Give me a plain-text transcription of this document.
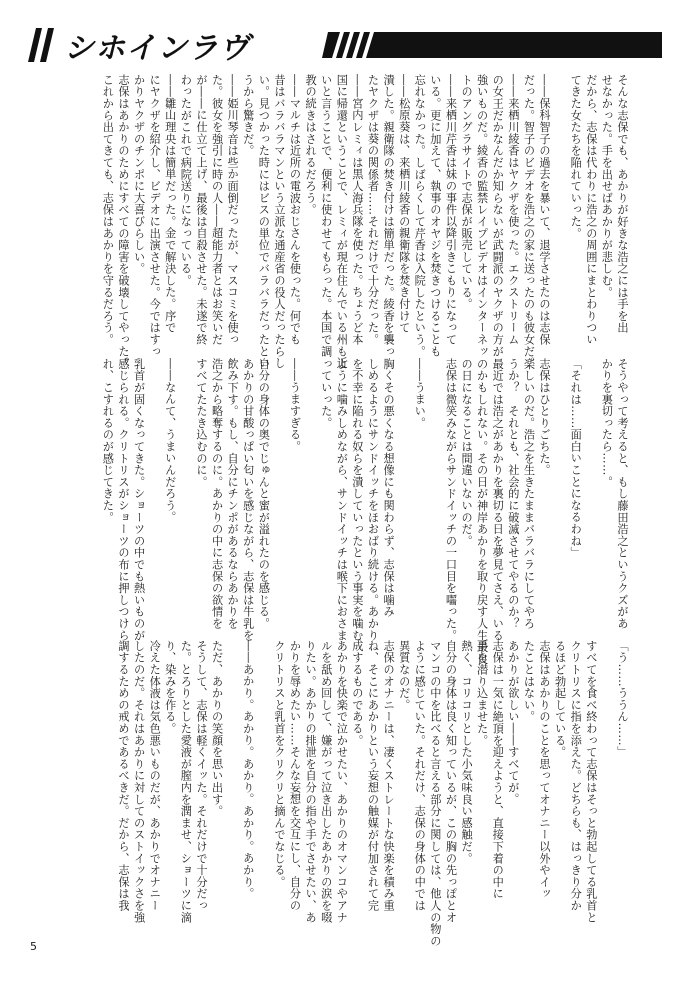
シホインラヴ
そんな志保でも、あかりが好きな浩之には手を出
せなかった。手を出せばあかりが悲しむ。
だから、志保は代わりに浩之の周囲にまとわりつい
てきた女たちを陥れていった。

――保科智子の過去を暴いて、退学させたのは志保
だった。智子のビデオを浩之の家に送ったのも彼女だ。
――来栖川綾香はヤクザを使った。エクストリーム
の女王だかなんだか知らないが武闘派のヤクザの方が
強いものだ。綾香の監禁レイプビデオはインターネッ
トのアングラサイトで志保が販売している。
――来栖川芹香は妹の事件以降引きこもりになって
いる。更に加えて、執事のオヤジを焚きつけることも
忘れなかった。しばらくして芹香は入院したという。
――松原葵は、来栖川綾香の親衛隊を焚き付けて
潰した。親衛隊の焚き付けは簡単だった。綾香を襲っ
たヤクザは葵の関係者……それだけで十分だった。
――宮内レミィは黒人海兵隊を使った。ちょうど本
国に帰還ということで、レミィが現在住んでいる州も近
いと言うことで、便利に使わせてもらった。本国で調
教の続きはされるだろう。
――マルチは近所の電波おじさんを使った。何でも
昔はバラバラマンという立派な通産省の役人だったらし
い。見つかった時にはビスの単位でバラバラだったとい
うから驚きだ。
――姫川琴音は些か面倒だったが、マスコミを使っ
た。彼女を強引に時の人――超能力者とはお笑いだ
が――に仕立て上げ、最後は自殺させた。未遂で終
わったがこれで病院送りになっている。
――雛山理央は簡単だった。金で解決した。序で
にヤクザを紹介し、ビデオに出演させた。今ではすっ
かりヤクザのチンポに大喜びらしい。
志保はあかりのためにすべての障害を破壊してやった。
これから出てきても、志保はあかりを守るだろう。
そうやって考えると、もし藤田浩之というクズがあ
かりを裏切ったら……。

「それは……面白いことになるわね」

志保はひとりごちた。
楽しいのだ。浩之を生きたままバラバラにしてやろ
うか？　それとも、社会的に破滅させてやるのか？
最近では浩之があかりを裏切る日を夢見てさえ、いる
のかもしれない。その日が神岸あかりを取り戻す人生最良
の日になることは間違いないのだ。
志保は微笑みながらサンドイッチの一口目を囓った。

――うまい。

胸くその悪くなる想像にも関わらず、志保は噛み
しめるようにサンドイッチをほおばり続ける。あかり
を不幸に陥れる奴らを潰していったという事実を噛む
ように噛みしめながら、サンドイッチは喉下におさま
っていった。

――うますぎる。

自分の身体の奥でじゅんと蜜が溢れたのを感じる。
あかりの甘酸っぱい匂いを感じながら、志保は牛乳を
飲み下す。もし、自分にチンポがあるならあかりを
浩之から略奪するのに。あかりの中に志保の欲情を
すべてたたき込むのに。

――なんて、うまいんだろう。

乳首が固くなってきた。ショーツの中でも熱いものが
感じられる。クリトリスがショーツの布に押しつけら
れ、こすれるのが感じてきた。
「う……ううん……」

すべてを食べ終わって志保はそっと勃起してる乳首と
クリトリスに指を添えた。どちらも、はっきり分か
るほど勃起している。
志保はあかりのことを思ってオナニー以外やイッ
たことはない。
あかりが欲しい――すべてが。
志保は一気に絶頂を迎えようと、直接下着の中に
手を潜り込ませた。
熱く、コリコリとした小気味良い感触だ。
自分の身体は良く知っているが、この胸の先っぽとオ
マンコの中を比べると言える部分に関しては、他人の物の
ように感じていた。それだけ、志保の身体の中では
異質なのだ。
志保のオナニーは、凄くストレートな快楽を積み重
ね、そこにあかりという妄想の触媒が付加されて完
成するものである。
あかりを快楽で泣かせたい、あかりのオマンコやアナ
ルを舐め回して、嫌がって泣き出したあかりの涙を啜
りたい。あかりの排泄を自分の指や手でさせたい、あ
かりを辱めたい……そんな妄想を交互にし、自分の
クリトリスと乳首をクリクリと摘んでなじる。

――あかり。あかり。あかり。あかり。あかり。

ただ、あかりの笑顔を思い出す。
そうして、志保は軽くイッた。それだけで十分だっ
た。とろりとした愛液が膣内を潤ませ、ショーツに滴
り、染みを作る。
冷えた体液は気色悪いものだが、あかりでオナニー
したのだ。それはあかりに対してのストイックさを強
調するための戒めであるべきだ。だから、志保は我
5
